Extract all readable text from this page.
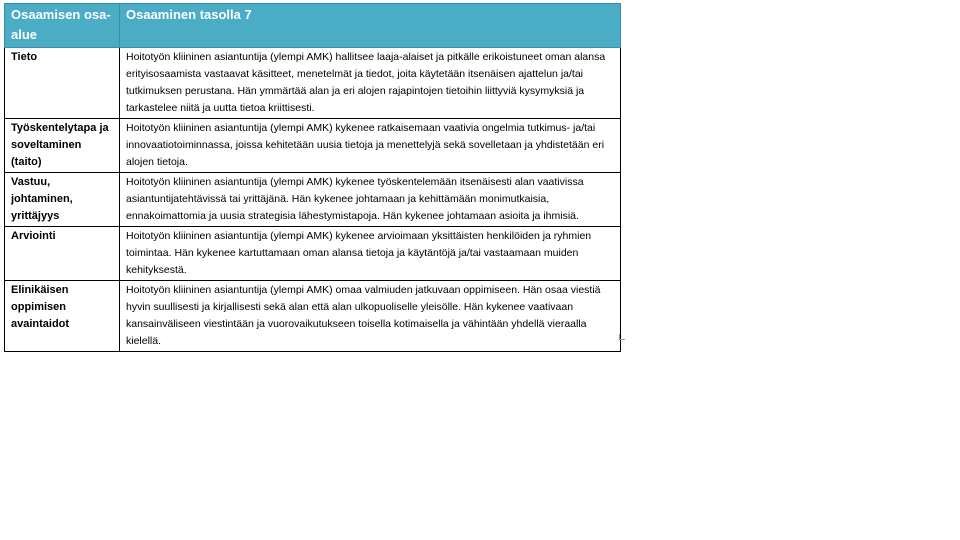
Osaamisen osa-alue	Osaaminen tasolla 7
Tieto	Hoitotyön kliininen asiantuntija (ylempi AMK) hallitsee laaja-alaiset ja pitkälle erikoistuneet oman alansa erityisosaamista vastaavat käsitteet, menetelmät ja tiedot, joita käytetään itsenäisen ajattelun ja/tai tutkimuksen perustana. Hän ymmärtää alan ja eri alojen rajapintojen tietoihin liittyviä kysymyksiä ja tarkastelee niitä ja uutta tietoa kriittisesti.
Työskentelytapa ja soveltaminen (taito)	Hoitotyön kliininen asiantuntija (ylempi AMK) kykenee ratkaisemaan vaativia ongelmia tutkimus- ja/tai innovaatiotoiminnassa, joissa kehitetään uusia tietoja ja menettelyjä sekä sovelletaan ja yhdistetään eri alojen tietoja.
Vastuu, johtaminen, yrittäjyys	Hoitotyön kliininen asiantuntija (ylempi AMK) kykenee työskentelemään itsenäisesti alan vaativissa asiantuntijatehtävissä tai yrittäjänä. Hän kykenee johtamaan ja kehittämään monimutkaisia, ennakoimattomia ja uusia strategisia lähestymistapoja. Hän kykenee johtamaan asioita ja ihmisiä.
Arviointi	Hoitotyön kliininen asiantuntija (ylempi AMK) kykenee arvioimaan yksittäisten henkilöiden ja ryhmien toimintaa. Hän kykenee kartuttamaan oman alansa tietoja ja käytäntöjä ja/tai vastaamaan muiden kehityksestä.
Elinikäisen oppimisen avaintaidot	Hoitotyön kliininen asiantuntija (ylempi AMK) omaa valmiuden jatkuvaan oppimiseen. Hän osaa viestiä hyvin suullisesti ja kirjallisesti sekä alan että alan ulkopuoliselle yleisölle. Hän kykenee vaativaan kansainväliseen viestintään ja vuorovaikutukseen toisella kotimaisella ja vähintään yhdellä vieraalla kielellä.
